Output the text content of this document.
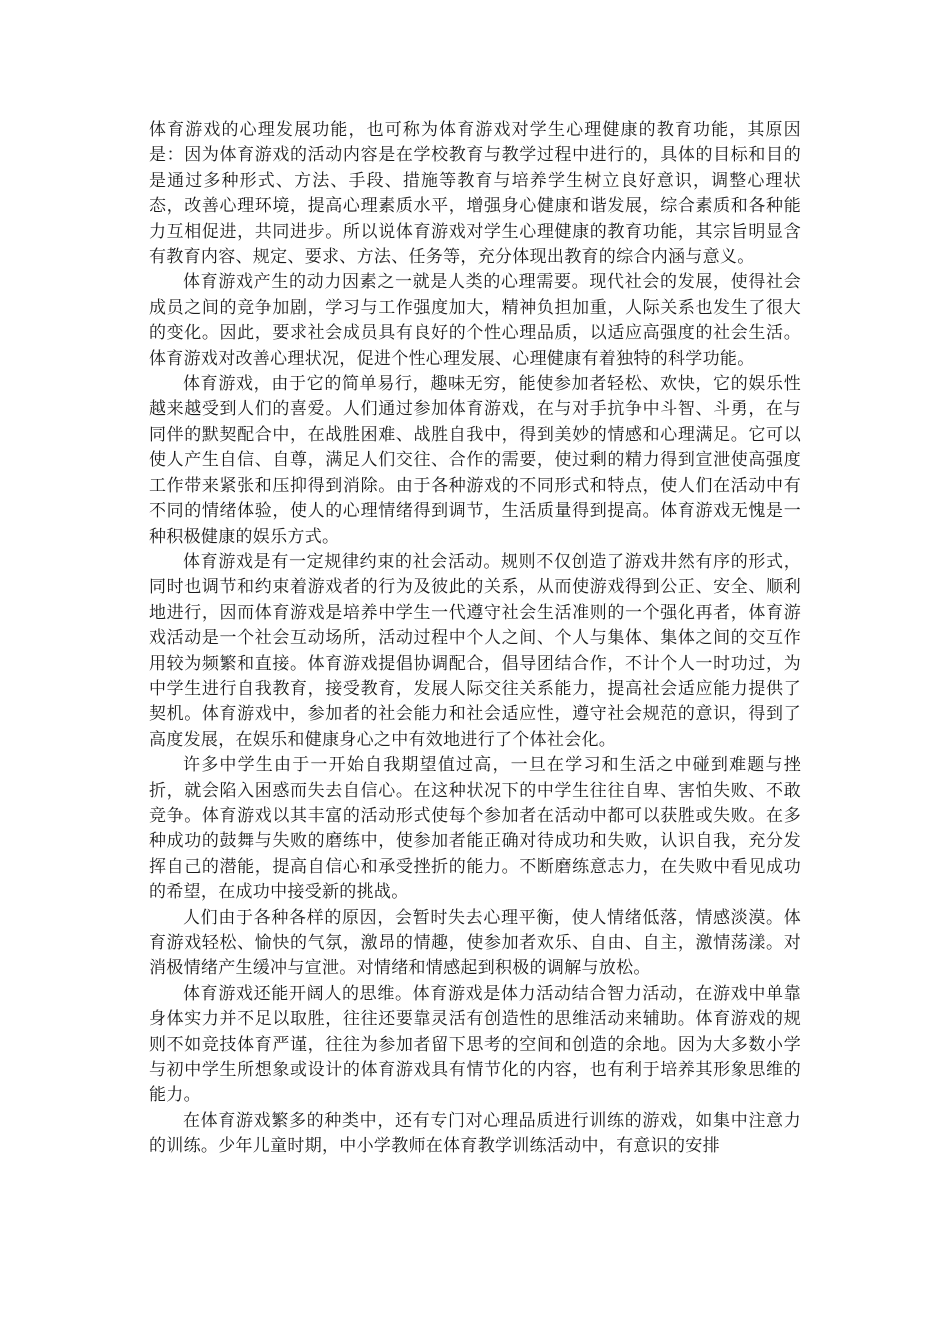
体育游戏的心理发展功能，也可称为体育游戏对学生心理健康的教育功能，其原因是：因为体育游戏的活动内容是在学校教育与教学过程中进行的，具体的目标和目的是通过多种形式、方法、手段、措施等教育与培养学生树立良好意识，调整心理状态，改善心理环境，提高心理素质水平，增强身心健康和谐发展，综合素质和各种能力互相促进，共同进步。所以说体育游戏对学生心理健康的教育功能，其宗旨明显含有教育内容、规定、要求、方法、任务等，充分体现出教育的综合内涵与意义。

体育游戏产生的动力因素之一就是人类的心理需要。现代社会的发展，使得社会成员之间的竞争加剧，学习与工作强度加大，精神负担加重，人际关系也发生了很大的变化。因此，要求社会成员具有良好的个性心理品质，以适应高强度的社会生活。体育游戏对改善心理状况，促进个性心理发展、心理健康有着独特的科学功能。

体育游戏，由于它的简单易行，趣味无穷，能使参加者轻松、欢快，它的娱乐性越来越受到人们的喜爱。人们通过参加体育游戏，在与对手抗争中斗智、斗勇，在与同伴的默契配合中，在战胜困难、战胜自我中，得到美妙的情感和心理满足。它可以使人产生自信、自尊，满足人们交往、合作的需要，使过剩的精力得到宣泄使高强度工作带来紧张和压抑得到消除。由于各种游戏的不同形式和特点，使人们在活动中有不同的情绪体验，使人的心理情绪得到调节，生活质量得到提高。体育游戏无愧是一种积极健康的娱乐方式。

体育游戏是有一定规律约束的社会活动。规则不仅创造了游戏井然有序的形式，同时也调节和约束着游戏者的行为及彼此的关系，从而使游戏得到公正、安全、顺利地进行，因而体育游戏是培养中学生一代遵守社会生活准则的一个强化再者，体育游戏活动是一个社会互动场所，活动过程中个人之间、个人与集体、集体之间的交互作用较为频繁和直接。体育游戏提倡协调配合，倡导团结合作，不计个人一时功过，为中学生进行自我教育，接受教育，发展人际交往关系能力，提高社会适应能力提供了契机。体育游戏中，参加者的社会能力和社会适应性，遵守社会规范的意识，得到了高度发展，在娱乐和健康身心之中有效地进行了个体社会化。

许多中学生由于一开始自我期望值过高，一旦在学习和生活之中碰到难题与挫折，就会陷入困惑而失去自信心。在这种状况下的中学生往往自卑、害怕失败、不敢竞争。体育游戏以其丰富的活动形式使每个参加者在活动中都可以获胜或失败。在多种成功的鼓舞与失败的磨练中，使参加者能正确对待成功和失败，认识自我，充分发挥自己的潜能，提高自信心和承受挫折的能力。不断磨练意志力，在失败中看见成功的希望，在成功中接受新的挑战。

人们由于各种各样的原因，会暂时失去心理平衡，使人情绪低落，情感淡漠。体育游戏轻松、愉快的气氛，激昂的情趣，使参加者欢乐、自由、自主，激情荡漾。对消极情绪产生缓冲与宣泄。对情绪和情感起到积极的调解与放松。

体育游戏还能开阔人的思维。体育游戏是体力活动结合智力活动，在游戏中单靠身体实力并不足以取胜，往往还要靠灵活有创造性的思维活动来辅助。体育游戏的规则不如竞技体育严谨，往往为参加者留下思考的空间和创造的余地。因为大多数小学与初中学生所想象或设计的体育游戏具有情节化的内容，也有利于培养其形象思维的能力。

在体育游戏繁多的种类中，还有专门对心理品质进行训练的游戏，如集中注意力的训练。少年儿童时期，中小学教师在体育教学训练活动中，有意识的安排
